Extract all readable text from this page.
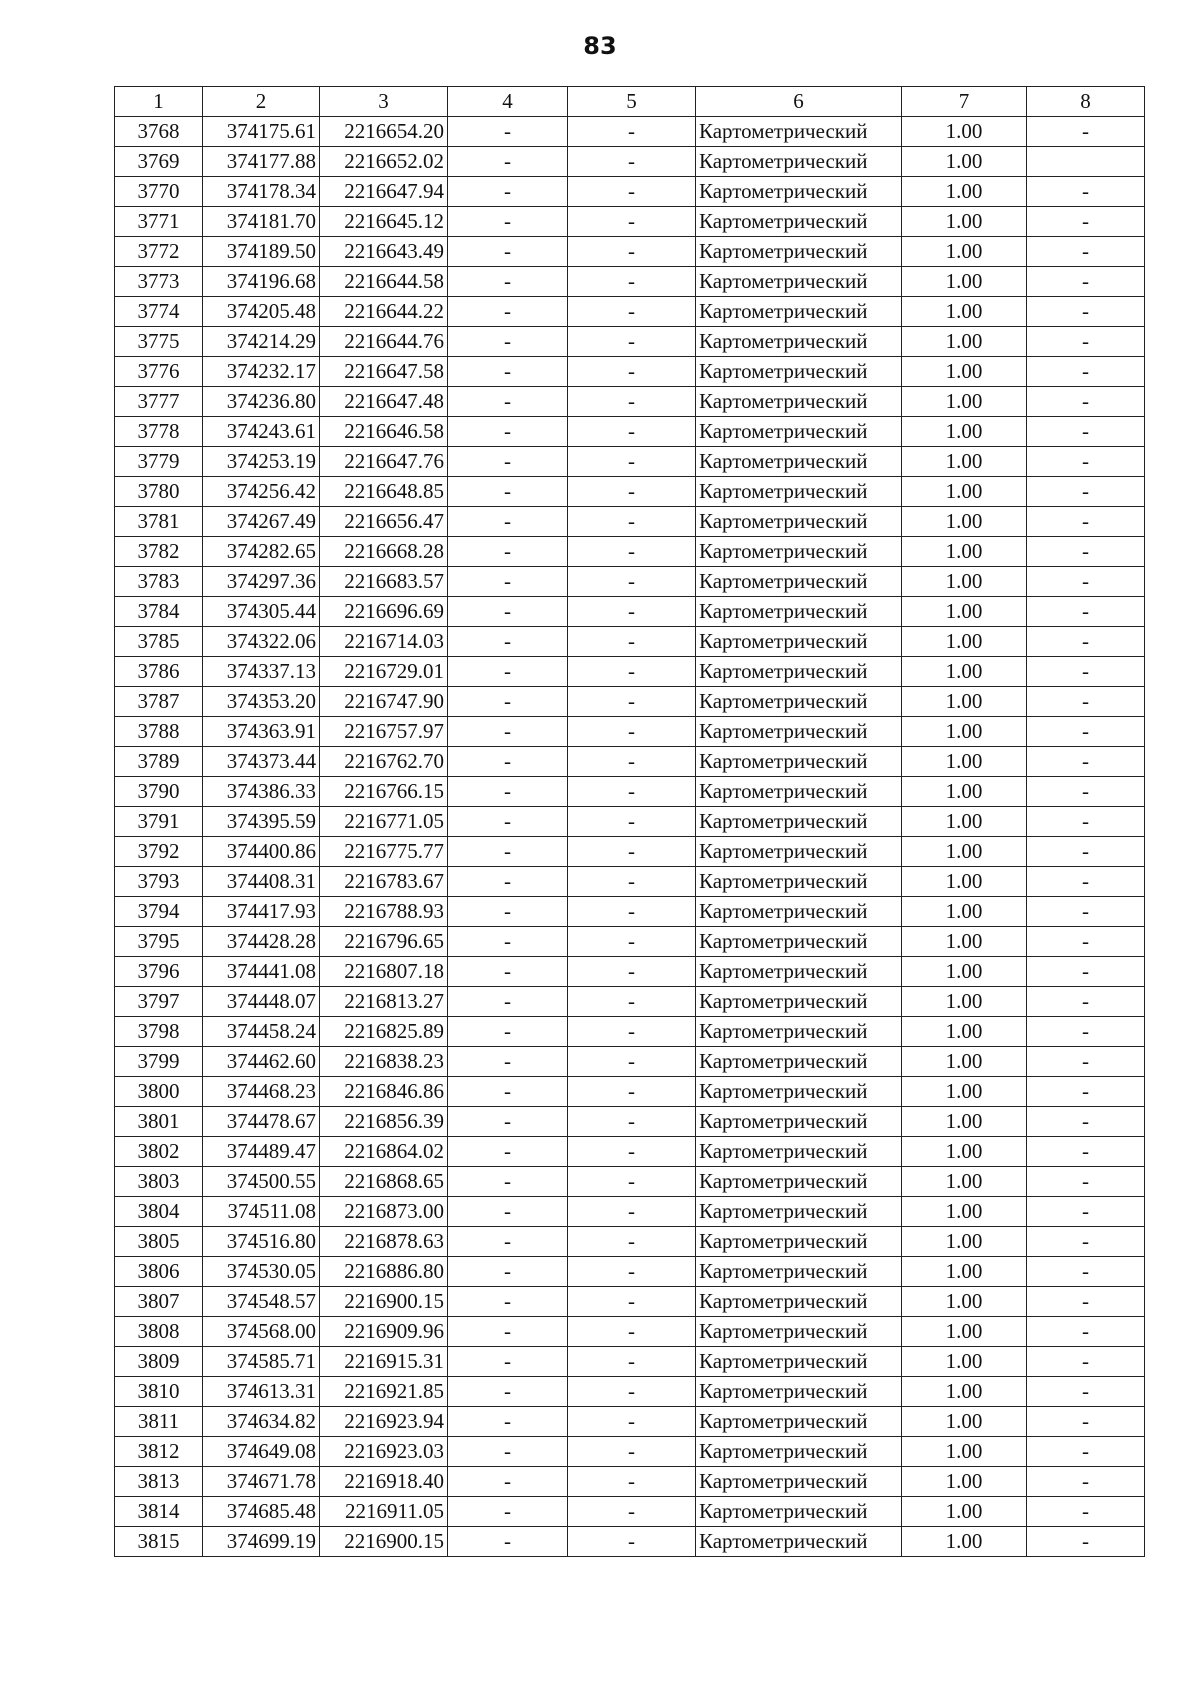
83
1	2	3	4	5	6	7	8
3768	374175.61	2216654.20	-	-	Картометрический	1.00	-
3769	374177.88	2216652.02	-	-	Картометрический	1.00	
3770	374178.34	2216647.94	-	-	Картометрический	1.00	-
3771	374181.70	2216645.12	-	-	Картометрический	1.00	-
3772	374189.50	2216643.49	-	-	Картометрический	1.00	-
3773	374196.68	2216644.58	-	-	Картометрический	1.00	-
3774	374205.48	2216644.22	-	-	Картометрический	1.00	-
3775	374214.29	2216644.76	-	-	Картометрический	1.00	-
3776	374232.17	2216647.58	-	-	Картометрический	1.00	-
3777	374236.80	2216647.48	-	-	Картометрический	1.00	-
3778	374243.61	2216646.58	-	-	Картометрический	1.00	-
3779	374253.19	2216647.76	-	-	Картометрический	1.00	-
3780	374256.42	2216648.85	-	-	Картометрический	1.00	-
3781	374267.49	2216656.47	-	-	Картометрический	1.00	-
3782	374282.65	2216668.28	-	-	Картометрический	1.00	-
3783	374297.36	2216683.57	-	-	Картометрический	1.00	-
3784	374305.44	2216696.69	-	-	Картометрический	1.00	-
3785	374322.06	2216714.03	-	-	Картометрический	1.00	-
3786	374337.13	2216729.01	-	-	Картометрический	1.00	-
3787	374353.20	2216747.90	-	-	Картометрический	1.00	-
3788	374363.91	2216757.97	-	-	Картометрический	1.00	-
3789	374373.44	2216762.70	-	-	Картометрический	1.00	-
3790	374386.33	2216766.15	-	-	Картометрический	1.00	-
3791	374395.59	2216771.05	-	-	Картометрический	1.00	-
3792	374400.86	2216775.77	-	-	Картометрический	1.00	-
3793	374408.31	2216783.67	-	-	Картометрический	1.00	-
3794	374417.93	2216788.93	-	-	Картометрический	1.00	-
3795	374428.28	2216796.65	-	-	Картометрический	1.00	-
3796	374441.08	2216807.18	-	-	Картометрический	1.00	-
3797	374448.07	2216813.27	-	-	Картометрический	1.00	-
3798	374458.24	2216825.89	-	-	Картометрический	1.00	-
3799	374462.60	2216838.23	-	-	Картометрический	1.00	-
3800	374468.23	2216846.86	-	-	Картометрический	1.00	-
3801	374478.67	2216856.39	-	-	Картометрический	1.00	-
3802	374489.47	2216864.02	-	-	Картометрический	1.00	-
3803	374500.55	2216868.65	-	-	Картометрический	1.00	-
3804	374511.08	2216873.00	-	-	Картометрический	1.00	-
3805	374516.80	2216878.63	-	-	Картометрический	1.00	-
3806	374530.05	2216886.80	-	-	Картометрический	1.00	-
3807	374548.57	2216900.15	-	-	Картометрический	1.00	-
3808	374568.00	2216909.96	-	-	Картометрический	1.00	-
3809	374585.71	2216915.31	-	-	Картометрический	1.00	-
3810	374613.31	2216921.85	-	-	Картометрический	1.00	-
3811	374634.82	2216923.94	-	-	Картометрический	1.00	-
3812	374649.08	2216923.03	-	-	Картометрический	1.00	-
3813	374671.78	2216918.40	-	-	Картометрический	1.00	-
3814	374685.48	2216911.05	-	-	Картометрический	1.00	-
3815	374699.19	2216900.15	-	-	Картометрический	1.00	-
